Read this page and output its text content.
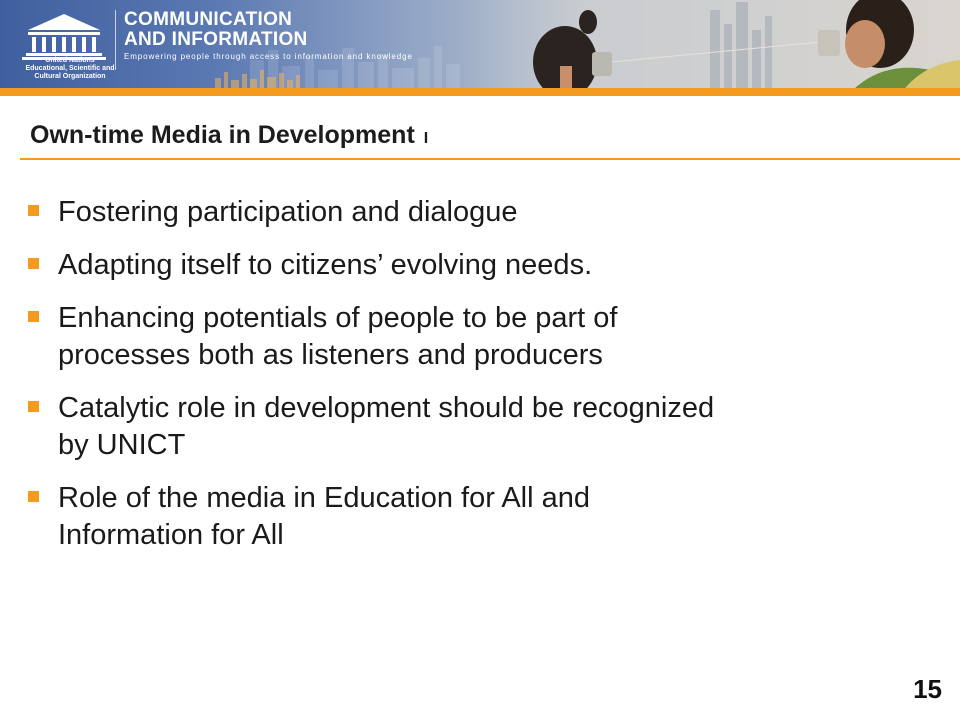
United Nations
Educational, Scientific and
Cultural Organization
COMMUNICATION
AND INFORMATION
Empowering people through access to information and knowledge
Own-time Media in Development I
Fostering participation and dialogue
Adapting itself to citizens’ evolving needs.
Enhancing potentials of people to be part of
processes both as listeners and producers
Catalytic role in development should be recognized
by UNICT
Role of the media in Education for All and
Information for All
15
